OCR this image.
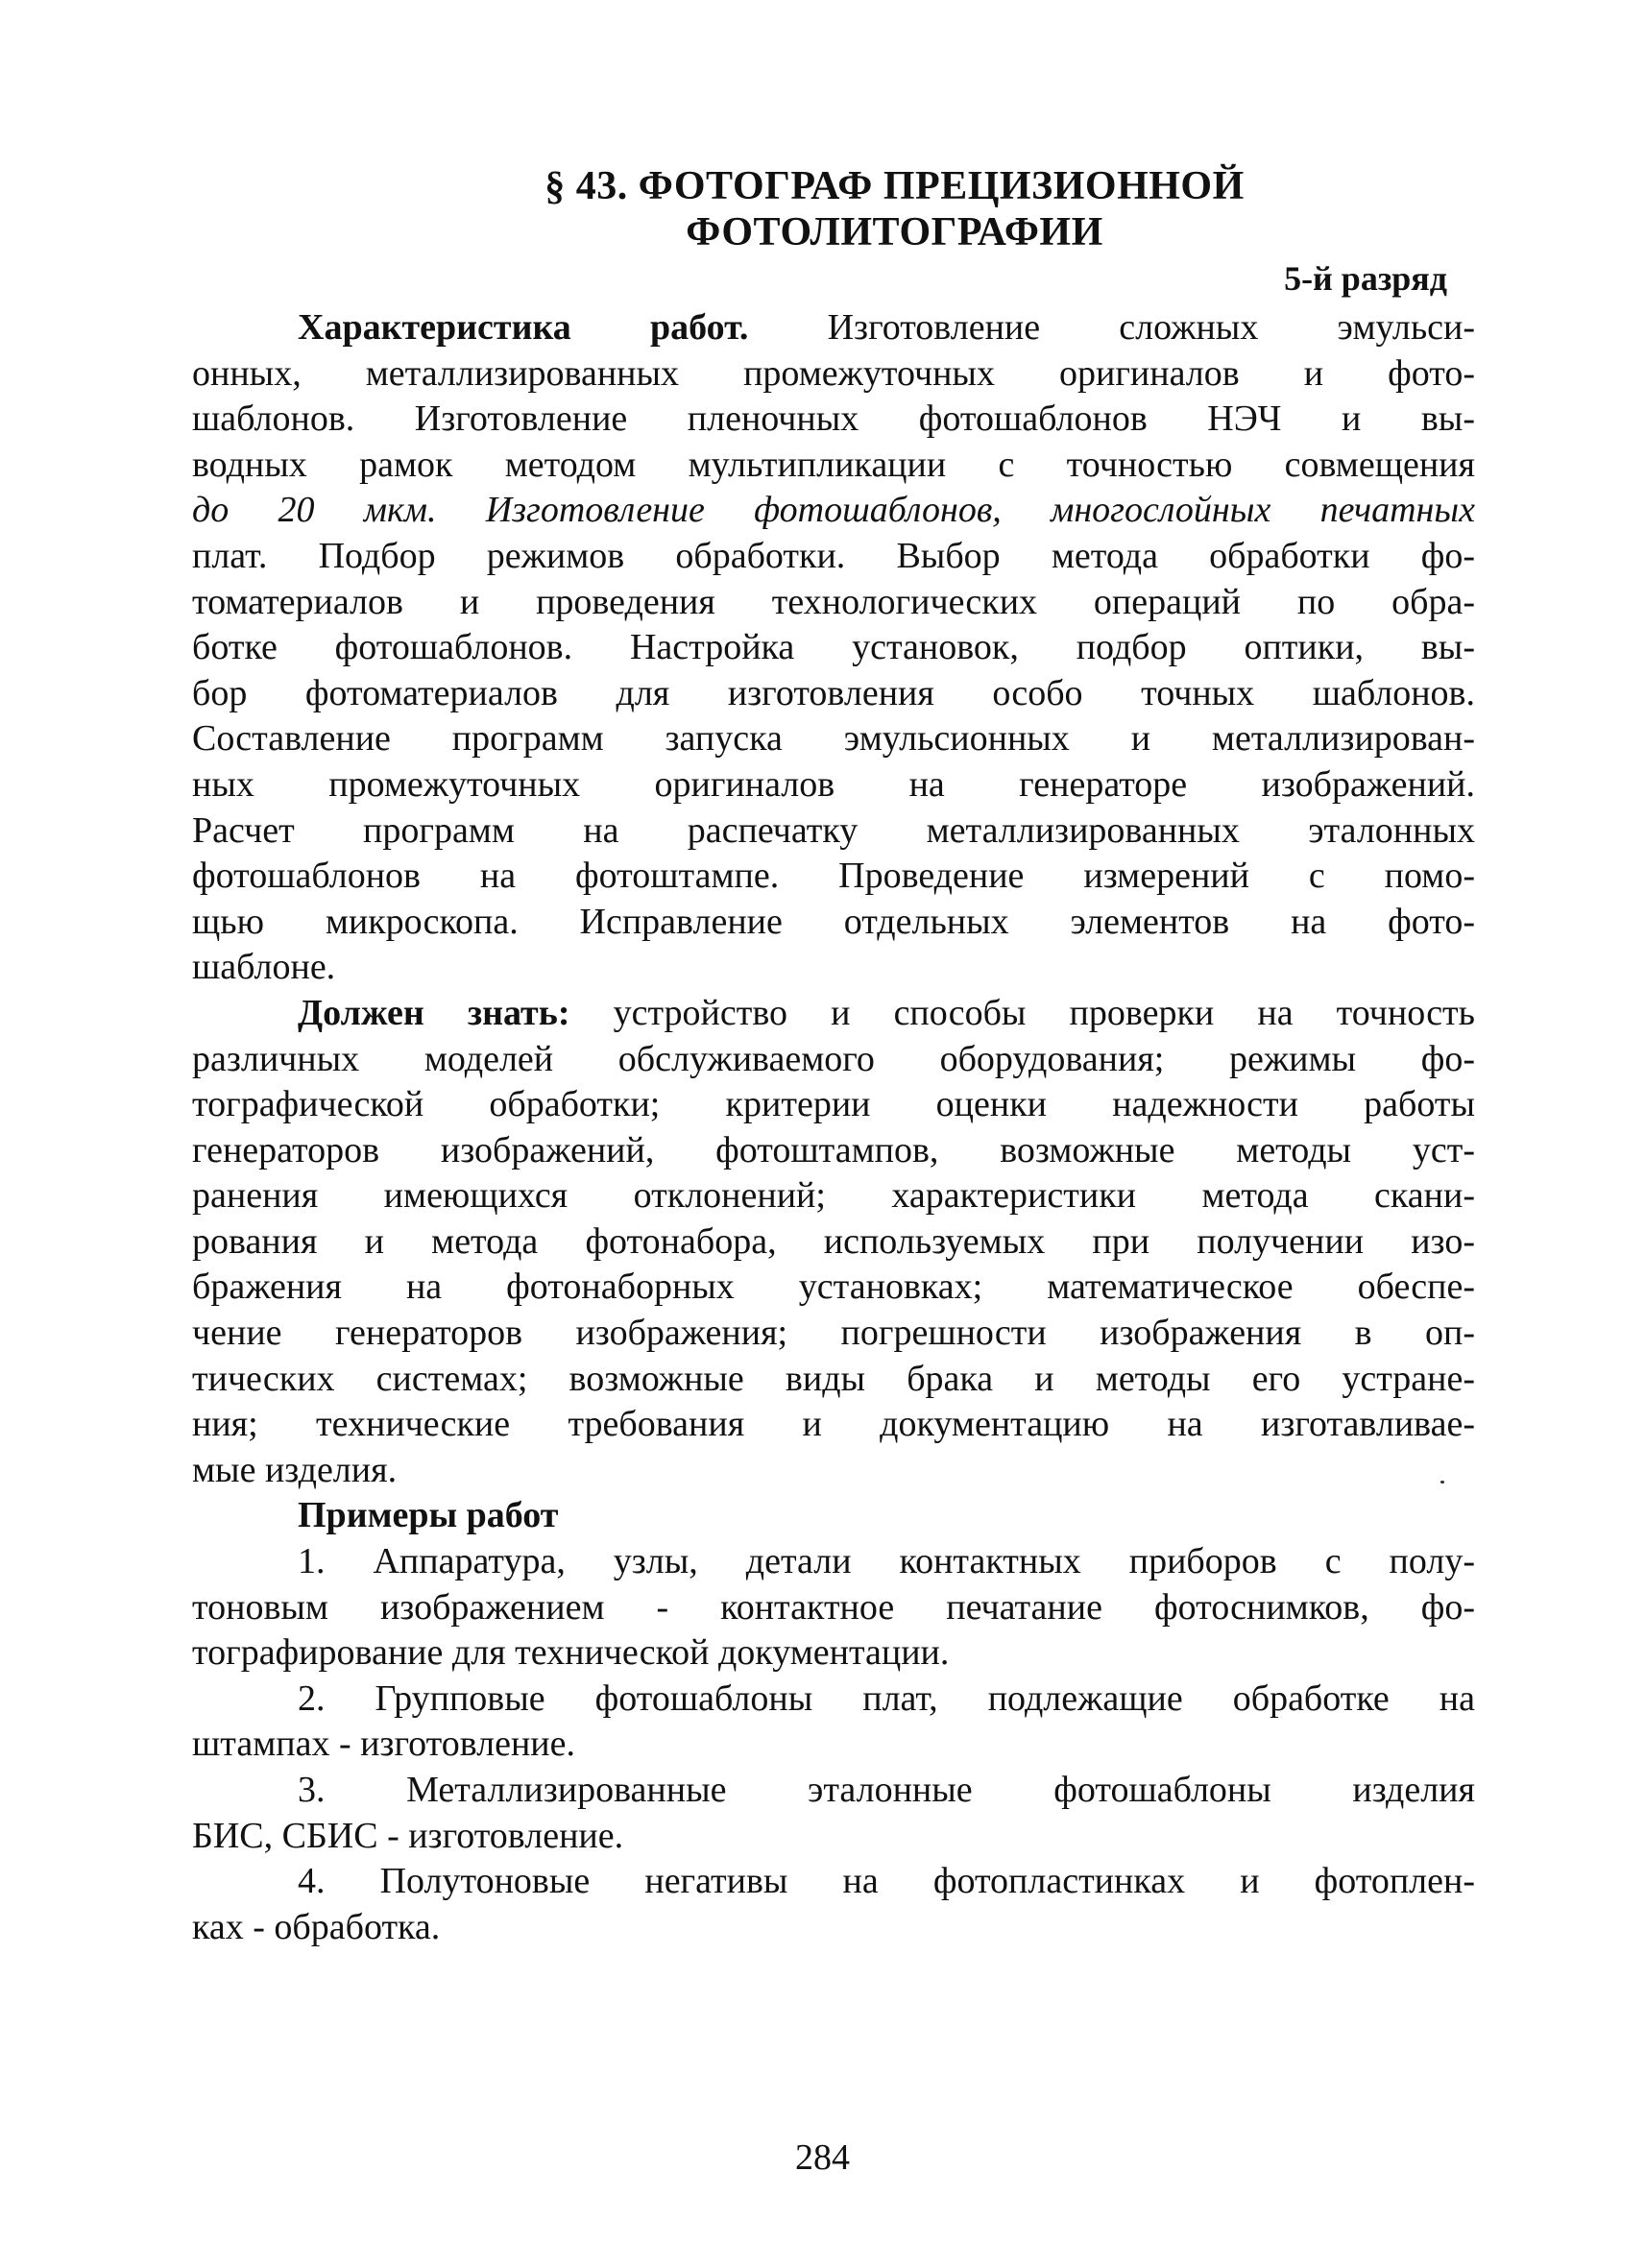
§ 43. ФОТОГРАФ ПРЕЦИЗИОННОЙ
ФОТОЛИТОГРАФИИ
5-й разряд
Характеристика работ. Изготовление сложных эмульси-
онных, металлизированных промежуточных оригиналов и фото-
шаблонов. Изготовление пленочных фотошаблонов НЭЧ и вы-
водных рамок методом мультипликации с точностью совмещения
до 20 мкм. Изготовление фотошаблонов, многослойных печатных
плат. Подбор режимов обработки. Выбор метода обработки фо-
томатериалов и проведения технологических операций по обра-
ботке фотошаблонов. Настройка установок, подбор оптики, вы-
бор фотоматериалов для изготовления особо точных шаблонов.
Составление программ запуска эмульсионных и металлизирован-
ных промежуточных оригиналов на генераторе изображений.
Расчет программ на распечатку металлизированных эталонных
фотошаблонов на фотоштампе. Проведение измерений с помо-
щью микроскопа. Исправление отдельных элементов на фото-
шаблоне.
Должен знать: устройство и способы проверки на точность
различных моделей обслуживаемого оборудования; режимы фо-
тографической обработки; критерии оценки надежности работы
генераторов изображений, фотоштампов, возможные методы уст-
ранения имеющихся отклонений; характеристики метода скани-
рования и метода фотонабора, используемых при получении изо-
бражения на фотонаборных установках; математическое обеспе-
чение генераторов изображения; погрешности изображения в оп-
тических системах; возможные виды брака и методы его устране-
ния; технические требования и документацию на изготавливае-
мые изделия.
Примеры работ
1. Аппаратура, узлы, детали контактных приборов с полу-
тоновым изображением - контактное печатание фотоснимков, фо-
тографирование для технической документации.
2. Групповые фотошаблоны плат, подлежащие обработке на
штампах - изготовление.
3. Металлизированные эталонные фотошаблоны изделия
БИС, СБИС - изготовление.
4. Полутоновые негативы на фотопластинках и фотоплен-
ках - обработка.
284
